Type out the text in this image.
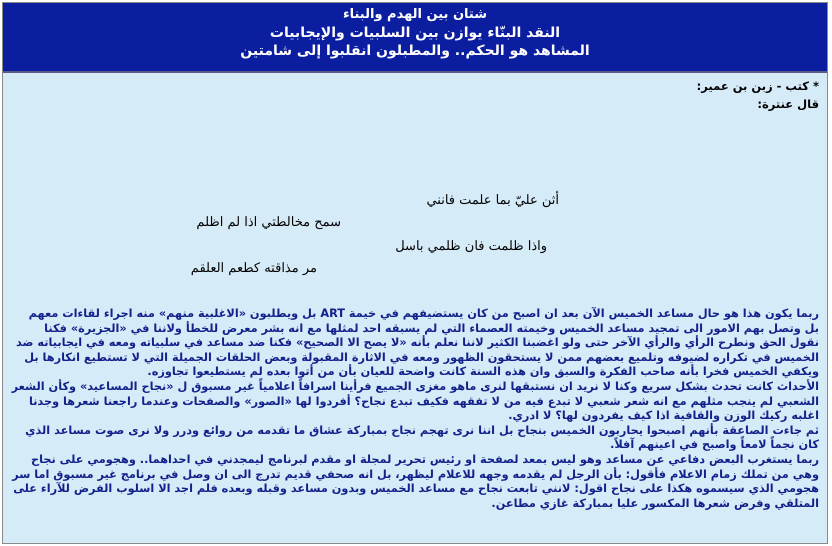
شتان بين الهدم والبناء
النقد البنّاء يوازن بين السلبيات والإيجابيات
المشاهد هو الحكم.. والمطبلون انقلبوا إلى شامتين
* كتب - زبن بن عمير:
قال عنترة:
أثن عليّ بما علمت فانني
سمح مخالطتي اذا لم اظلم
واذا ظلمت فان ظلمي باسل
مر مذاقته كطعم العلقم

ربما يكون هذا هو حال مساعد الخميس الآن بعد ان اصبح من كان يستضيفهم في خيمة ART بل ويطلبون «الاغلبية منهم» منه اجراء لقاءات معهم بل وتصل بهم الامور الى تمجيد مساعد الخميس وخيمته العصماء التي لم يسبقه احد لمثلها مع انه بشر معرض للخطأ ولاننا في «الجزيرة» فكنا نقول الحق ونطرح الرأي والرأي الآخر حتى ولو اغضبنا الكثير لاننا نعلم بأنه «لا يصح الا الصحيح» فكنا ضد مساعد في سلبياته ومعه في ايجابياته ضد الخميس في تكراره لضيوفه وتلميع بعضهم ممن لا يستحقون الظهور ومعه في الاثارة المقبولة وبعض الحلقات الجميلة التي لا تستطيع انكارها بل ويكفي الخميس فخرا بأنه صاحب الفكرة والسبق وان هذه السنة كانت واضحة للعيان بأن من أتوا بعده لم يستطيعوا تجاوزه.

الأحداث كانت تحدث بشكل سريع وكنا لا نريد ان نستبقها لنرى ماهو مغزى الجميع فرأينا اسرافاً اعلامياً غير مسبوق ل «نجاح المساعيد» وكأن الشعر الشعبي لم ينجب مثلهم مع انه شعر شعبي لا تبدع فيه من لا تفقهه فكيف تبدع نجاح؟ أفردوا لها «الصور» والصفحات وعندما راجعنا شعرها وجدنا اغلبه ركيك الوزن والقافية اذا كيف يفردون لها؟ لا ادري.

ثم جاءت الصاعقة بأنهم اصبحوا يحاربون الخميس بنجاح بل اننا نرى تهجم نجاح بمباركة عشاق ما تقدمه من روائع ودرر ولا نرى صوت مساعد الذي كان نجماً لامعاً واصبح في اعينهم آفلاً.

ربما يستغرب البعض دفاعي عن مساعد وهو ليس بمعد لصفحة او رئيس تحرير لمجلة او مقدم لبرنامج ليمجدني في احداهما.. وهجومي على نجاح وهي من تملك زمام الاعلام فأقول: بأن الرجل لم يقدمه وجهه للاعلام ليظهر، بل انه صحفي قديم تدرج الى ان وصل في برنامج غير مسبوق اما سر هجومي الذي سيسموه هكذا على نجاح اقول: لانني تابعت نجاح مع مساعد الخميس وبدون مساعد وقبله وبعده فلم اجد الا اسلوب الفرض للآراء على المتلقي وفرض شعرها المكسور عليا بمباركة غازي مطاعن.
